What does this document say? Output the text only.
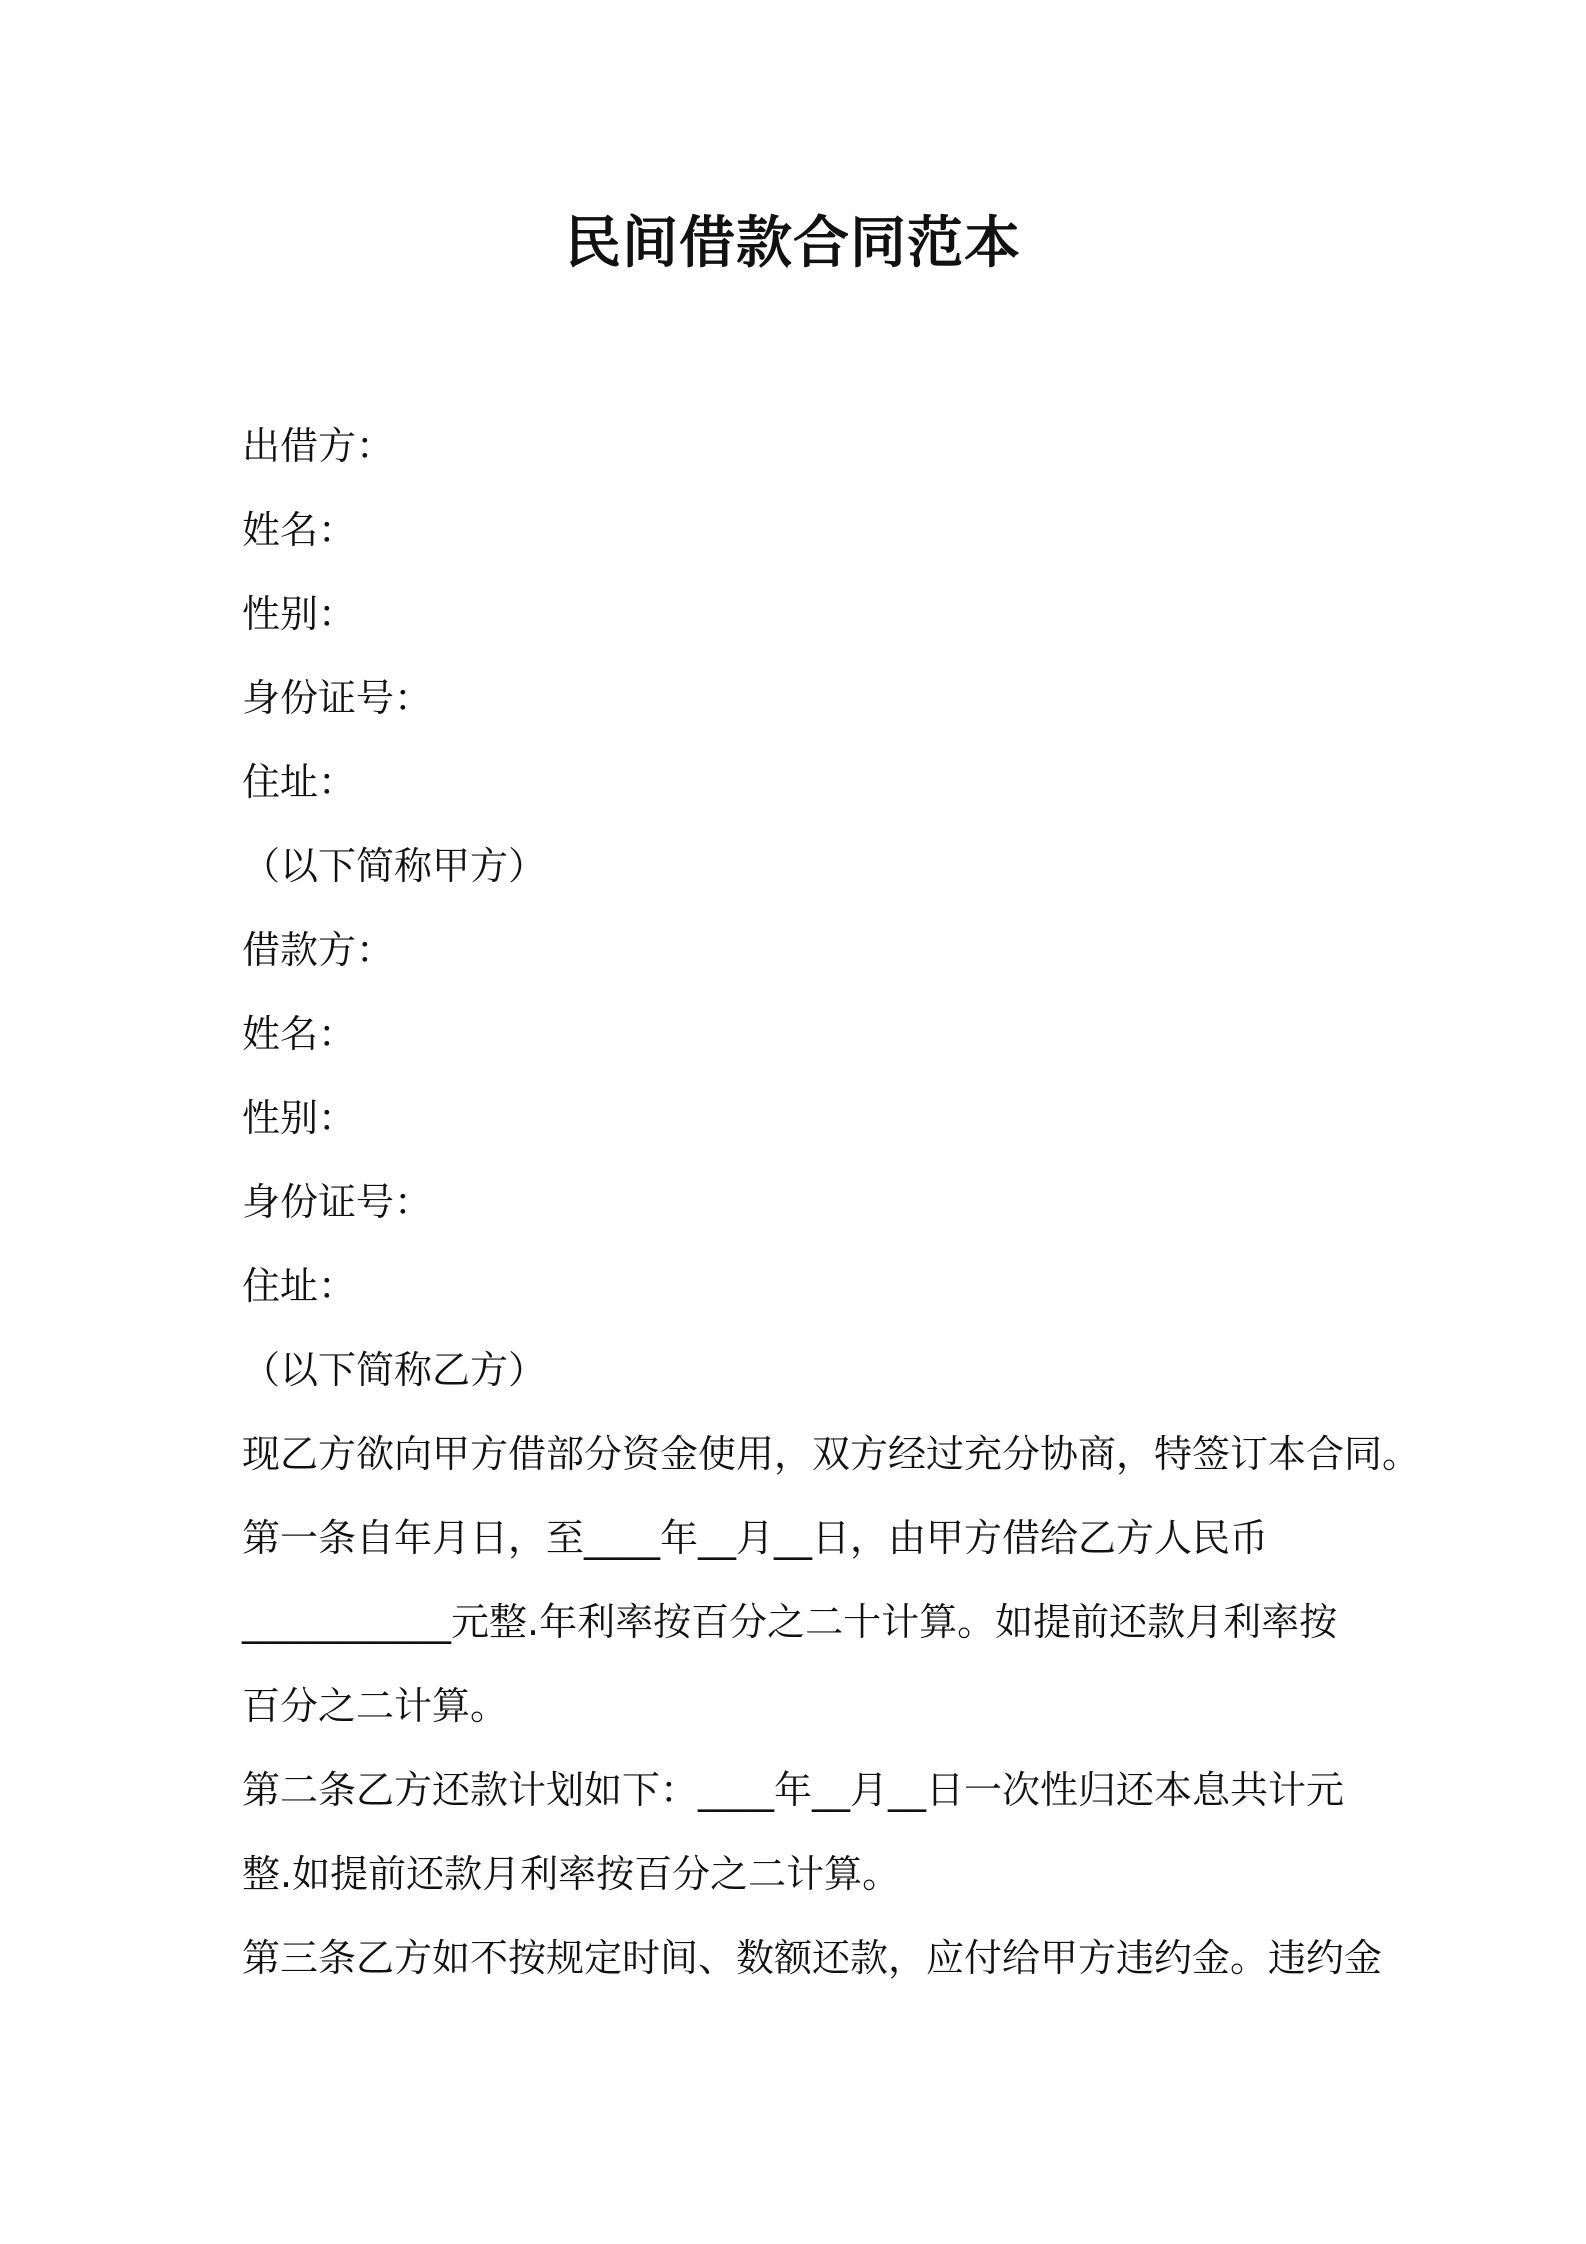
民间借款合同范本

出借方：

姓名：

性别：

身份证号：

住址：

（以下简称甲方）

借款方：

姓名：

性别：

身份证号：

住址：

（以下简称乙方）

现乙方欲向甲方借部分资金使用，双方经过充分协商，特签订本合同。

第一条自年月日，至____年__月__日，由甲方借给乙方人民币

___________元整.年利率按百分之二十计算。如提前还款月利率按

百分之二计算。

第二条乙方还款计划如下：____年__月__日一次性归还本息共计元

整.如提前还款月利率按百分之二计算。

第三条乙方如不按规定时间、数额还款，应付给甲方违约金。违约金
